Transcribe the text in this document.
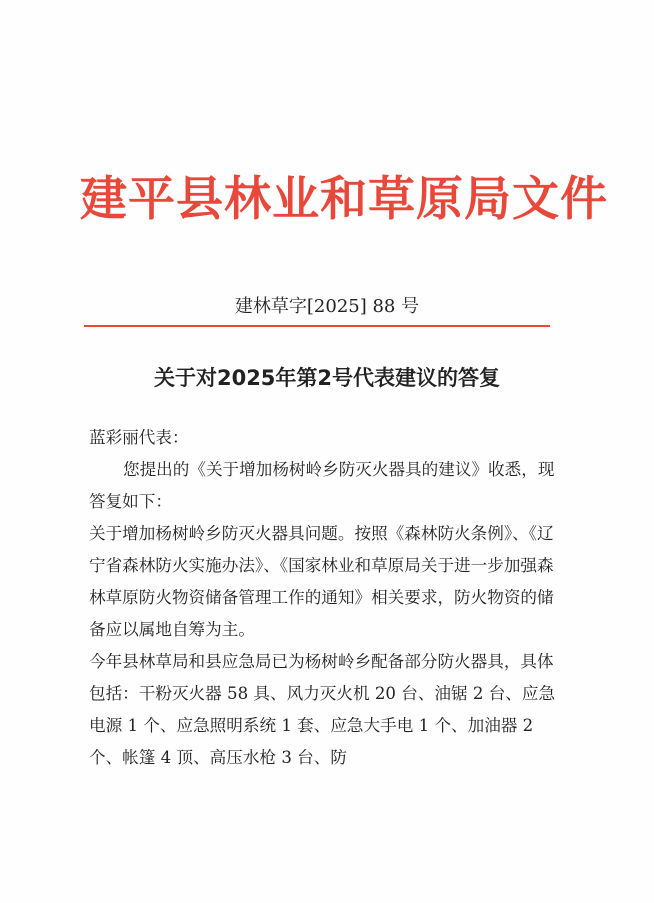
建平县林业和草原局文件
建林草字[2025] 88 号
关于对2025年第2号代表建议的答复

蓝彩丽代表：

您提出的《关于增加杨树岭乡防灭火器具的建议》收悉，现答复如下：

关于增加杨树岭乡防灭火器具问题。按照《森林防火条例》、《辽宁省森林防火实施办法》、《国家林业和草原局关于进一步加强森林草原防火物资储备管理工作的通知》相关要求，防火物资的储备应以属地自筹为主。

今年县林草局和县应急局已为杨树岭乡配备部分防火器具，具体包括：干粉灭火器 58 具、风力灭火机 20 台、油锯 2 台、应急电源 1 个、应急照明系统 1 套、应急大手电 1 个、加油器 2 个、帐篷 4 顶、高压水枪 3 台、防
